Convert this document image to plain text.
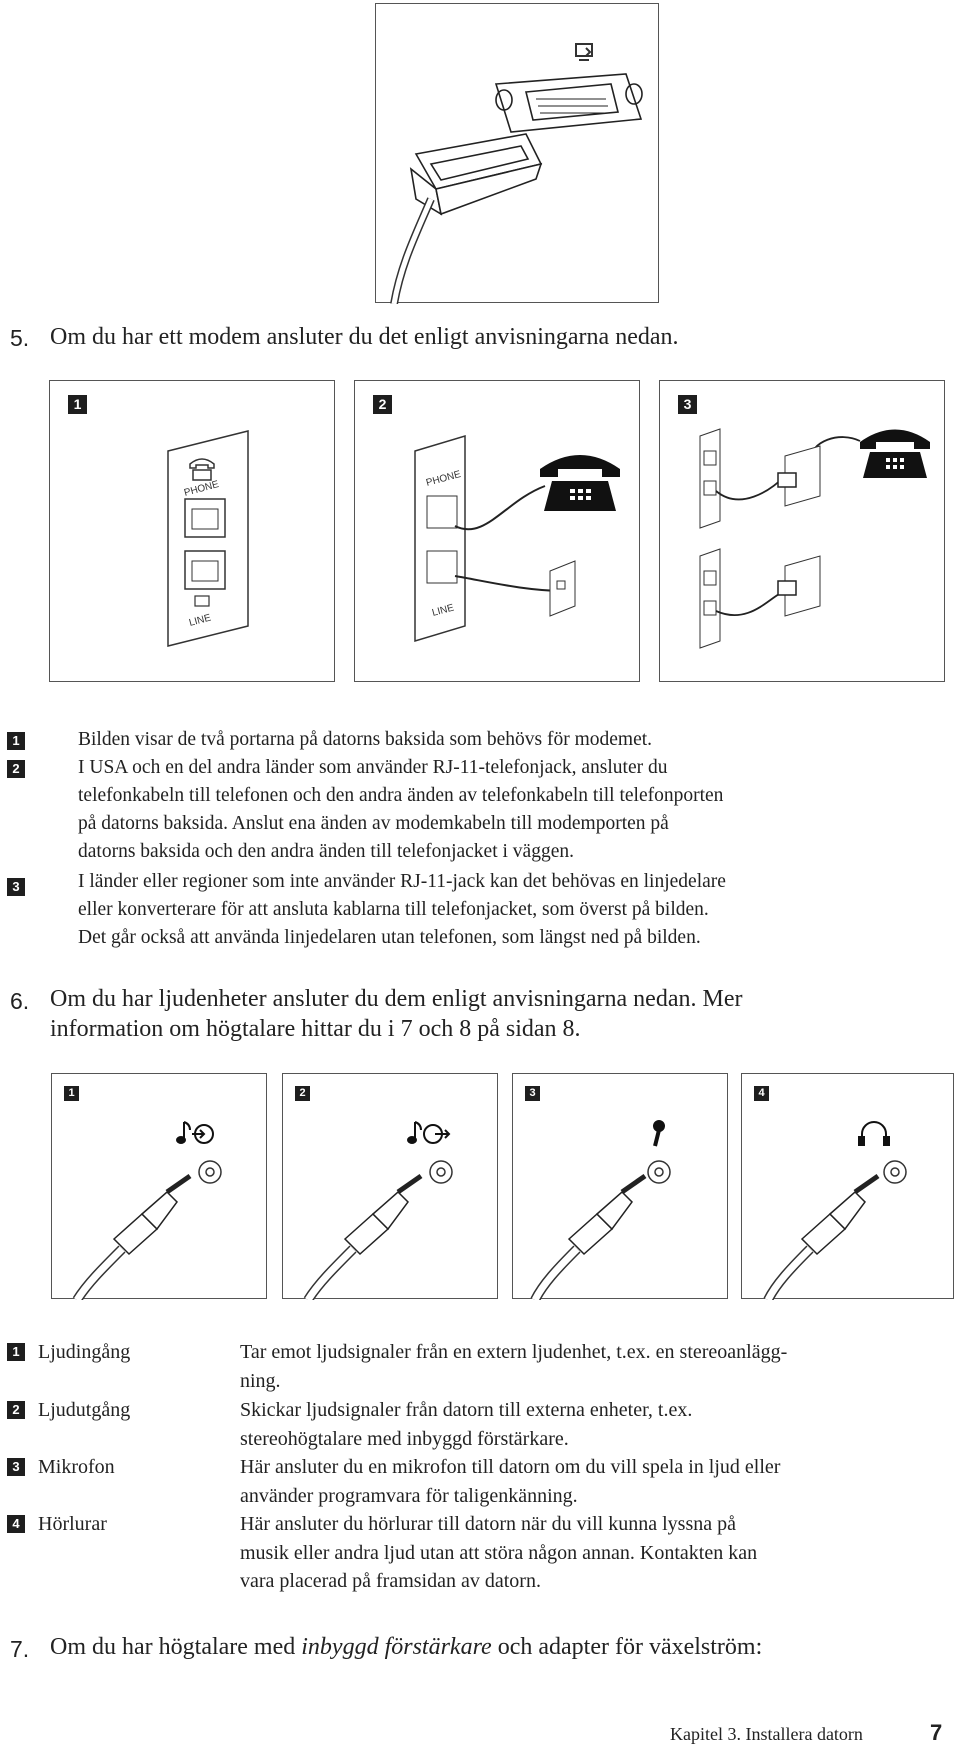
5. Om du har ett modem ansluter du det enligt anvisningarna nedan.
1
PHONE
LINE
2
PHONE
LINE
3
1	Bilden visar de två portarna på datorns baksida som behövs för modemet.
2	I USA och en del andra länder som använder RJ-11-telefonjack, ansluter du
telefonkabeln till telefonen och den andra änden av telefonkabeln till telefonporten
på datorns baksida. Anslut ena änden av modemkabeln till modemporten på
datorns baksida och den andra änden till telefonjacket i väggen.
3	I länder eller regioner som inte använder RJ-11-jack kan det behövas en linjedelare
eller konverterare för att ansluta kablarna till telefonjacket, som överst på bilden.
Det går också att använda linjedelaren utan telefonen, som längst ned på bilden.
6. Om du har ljudenheter ansluter du dem enligt anvisningarna nedan. Mer
information om högtalare hittar du i 7 och 8 på sidan 8.
1	2	3	4
1 Ljudingång	Tar emot ljudsignaler från en extern ljudenhet, t.ex. en stereoanlägg-
ning.
2 Ljudutgång	Skickar ljudsignaler från datorn till externa enheter, t.ex.
stereohögtalare med inbyggd förstärkare.
3 Mikrofon	Här ansluter du en mikrofon till datorn om du vill spela in ljud eller
använder programvara för taligenkänning.
4 Hörlurar	Här ansluter du hörlurar till datorn när du vill kunna lyssna på
musik eller andra ljud utan att störa någon annan. Kontakten kan
vara placerad på framsidan av datorn.
7. Om du har högtalare med inbyggd förstärkare och adapter för växelström:
Kapitel 3. Installera datorn	7
